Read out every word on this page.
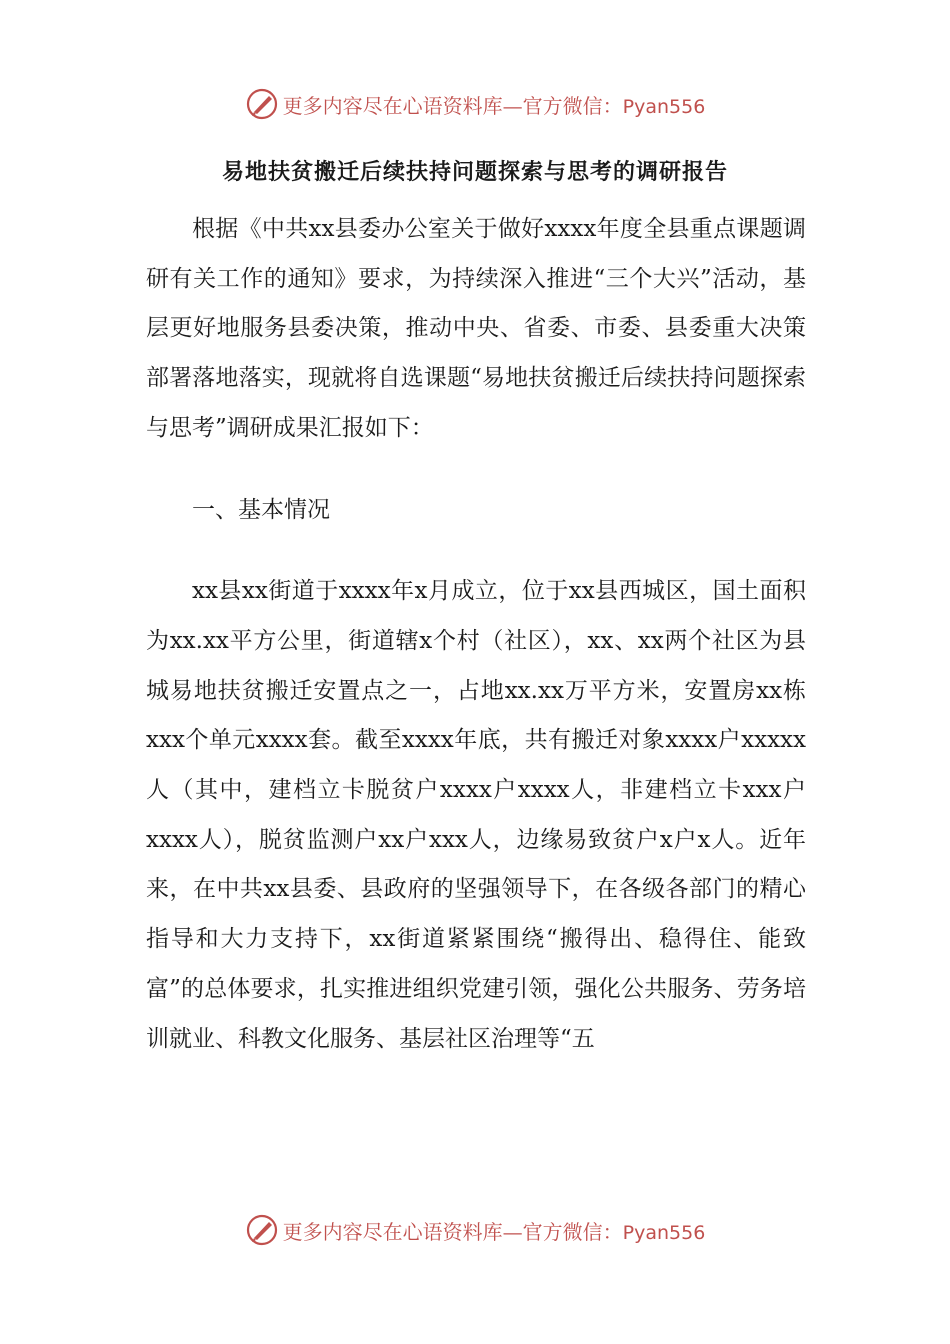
更多内容尽在心语资料库—官方微信：Pyan556
易地扶贫搬迁后续扶持问题探索与思考的调研报告

根据《中共xx县委办公室关于做好xxxx年度全县重点课题调研有关工作的通知》要求，为持续深入推进“三个大兴”活动，基层更好地服务县委决策，推动中央、省委、市委、县委重大决策部署落地落实，现就将自选课题“易地扶贫搬迁后续扶持问题探索与思考”调研成果汇报如下：

一、基本情况

xx县xx街道于xxxx年x月成立，位于xx县西城区，国土面积为xx.xx平方公里，街道辖x个村（社区），xx、xx两个社区为县城易地扶贫搬迁安置点之一，占地xx.xx万平方米，安置房xx栋xxx个单元xxxx套。截至xxxx年底，共有搬迁对象xxxx户xxxxx人（其中，建档立卡脱贫户xxxx户xxxx人，非建档立卡xxx户xxxx人），脱贫监测户xx户xxx人，边缘易致贫户x户x人。近年来，在中共xx县委、县政府的坚强领导下，在各级各部门的精心指导和大力支持下，xx街道紧紧围绕“搬得出、稳得住、能致富”的总体要求，扎实推进组织党建引领，强化公共服务、劳务培训就业、科教文化服务、基层社区治理等“五

更多内容尽在心语资料库—官方微信：Pyan556
